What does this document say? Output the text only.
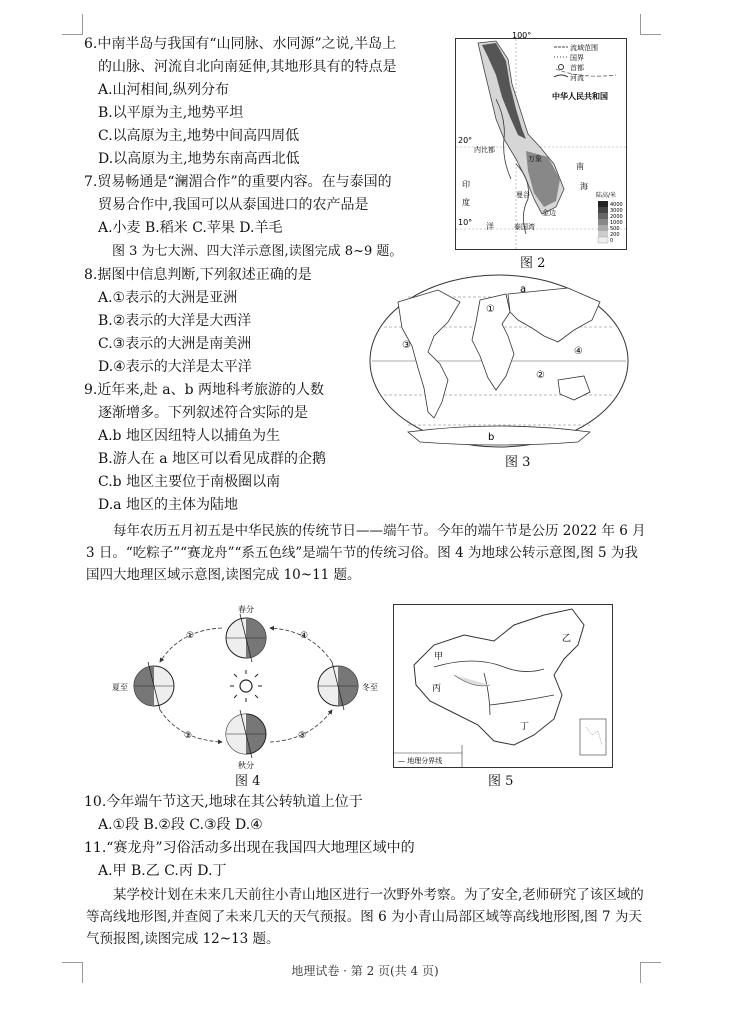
6.中南半岛与我国有“山同脉、水同源”之说,半岛上
的山脉、河流自北向南延伸,其地形具有的特点是
A.山河相间,纵列分布
B.以平原为主,地势平坦
C.以高原为主,地势中间高四周低
D.以高原为主,地势东南高西北低
7.贸易畅通是“澜湄合作”的重要内容。在与泰国的
贸易合作中,我国可以从泰国进口的农产品是
A.小麦 B.稻米 C.苹果 D.羊毛
图 3 为七大洲、四大洋示意图,读图完成 8~9 题。
8.据图中信息判断,下列叙述正确的是
A.①表示的大洲是亚洲
B.②表示的大洋是大西洋
C.③表示的大洲是南美洲
D.④表示的大洋是太平洋
9.近年来,赴 a、b 两地科考旅游的人数
逐渐增多。下列叙述符合实际的是
A.b 地区因纽特人以捕鱼为生
B.游人在 a 地区可以看见成群的企鹅
C.b 地区主要位于南极圈以南
D.a 地区的主体为陆地
100°
20°
10°
流域范围
国界
首都
河流
中华人民共和国
内比都
万象
曼谷
金边
印
度
洋	泰国湾
南
海
陆高/米
4000
3000
2000
1000
500
200
0
图 2
a
b
①
②
③
④
图 3
每年农历五月初五是中华民族的传统节日——端午节。今年的端午节是公历 2022 年 6 月 3 日。“吃粽子”“赛龙舟”“系五色线”是端午节的传统习俗。图 4 为地球公转示意图,图 5 为我国四大地理区域示意图,读图完成 10~11 题。
春分
夏至
秋分
冬至
①
②	③
④
图 4
— 地理分界线
甲
乙
丙
丁
图 5
10.今年端午节这天,地球在其公转轨道上位于
A.①段 B.②段 C.③段 D.④
11.“赛龙舟”习俗活动多出现在我国四大地理区域中的
A.甲 B.乙 C.丙 D.丁
某学校计划在未来几天前往小青山地区进行一次野外考察。为了安全,老师研究了该区域的等高线地形图,并查阅了未来几天的天气预报。图 6 为小青山局部区域等高线地形图,图 7 为天气预报图,读图完成 12~13 题。
地理试卷 · 第 2 页(共 4 页)
